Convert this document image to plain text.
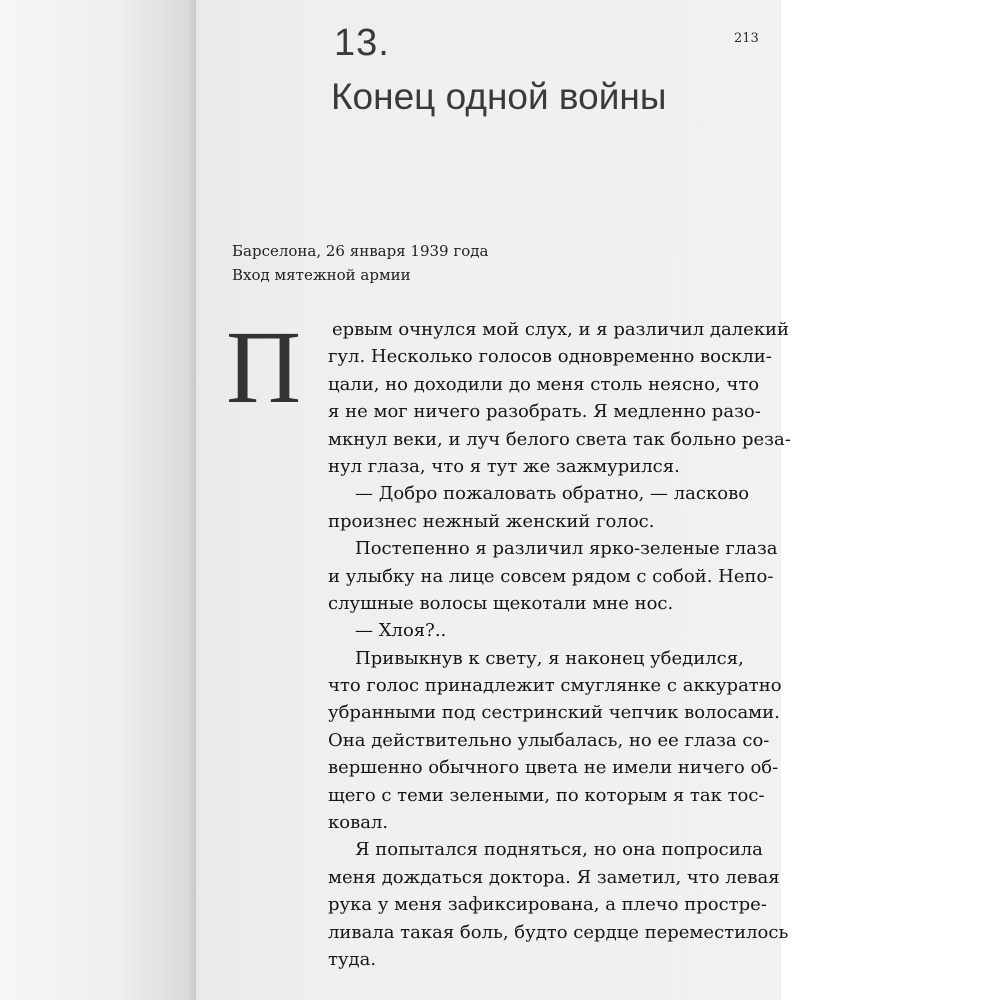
213
13.
Конец одной войны
Барселона, 26 января 1939 года
Вход мятежной армии
П	ервым очнулся мой слух, и я различил далекий
гул. Несколько голосов одновременно воскли-
цали, но доходили до меня столь неясно, что
я не мог ничего разобрать. Я медленно разо-
мкнул веки, и луч белого света так больно реза-
нул глаза, что я тут же зажмурился.
— Добро пожаловать обратно, — ласково
произнес нежный женский голос.
Постепенно я различил ярко-зеленые глаза
и улыбку на лице совсем рядом с собой. Непо-
слушные волосы щекотали мне нос.
— Хлоя?..
Привыкнув к свету, я наконец убедился,
что голос принадлежит смуглянке с аккуратно
убранными под сестринский чепчик волосами.
Она действительно улыбалась, но ее глаза со-
вершенно обычного цвета не имели ничего об-
щего с теми зелеными, по которым я так тос-
ковал.
Я попытался подняться, но она попросила
меня дождаться доктора. Я заметил, что левая
рука у меня зафиксирована, а плечо простре-
ливала такая боль, будто сердце переместилось
туда.
